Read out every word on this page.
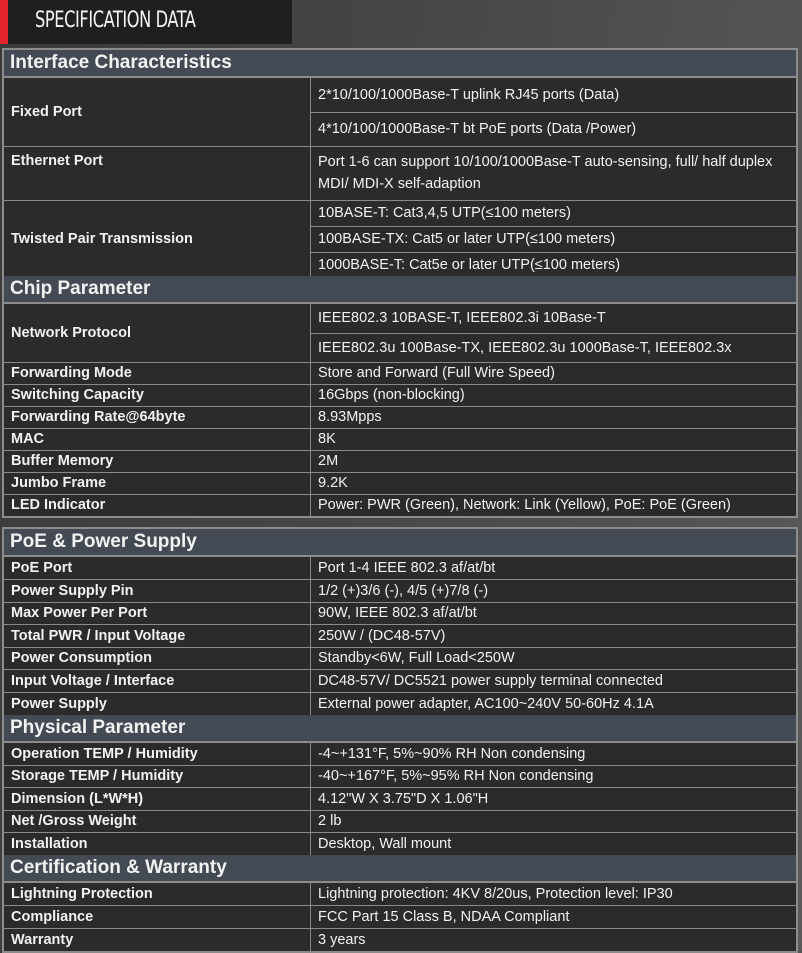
SPECIFICATION DATA
Interface Characteristics
Fixed Port	2*10/100/1000Base-T uplink RJ45 ports (Data)
	4*10/100/1000Base-T bt PoE ports (Data /Power)
Ethernet Port	Port 1-6 can support 10/100/1000Base-T auto-sensing, full/ half duplex MDI/ MDI-X self-adaption
Twisted Pair Transmission	10BASE-T: Cat3,4,5 UTP(≤100 meters)
	100BASE-TX: Cat5 or later UTP(≤100 meters)
	1000BASE-T: Cat5e or later UTP(≤100 meters)
Chip Parameter
Network Protocol	IEEE802.3 10BASE-T, IEEE802.3i 10Base-T
	IEEE802.3u 100Base-TX, IEEE802.3u 1000Base-T, IEEE802.3x
Forwarding Mode	Store and Forward (Full Wire Speed)
Switching Capacity	16Gbps (non-blocking)
Forwarding Rate@64byte	8.93Mpps
MAC	8K
Buffer Memory	2M
Jumbo Frame	9.2K
LED Indicator	Power: PWR (Green), Network: Link (Yellow), PoE: PoE (Green)
PoE & Power Supply
PoE Port	Port 1-4 IEEE 802.3 af/at/bt
Power Supply Pin	1/2 (+)3/6 (-), 4/5 (+)7/8 (-)
Max Power Per Port	90W, IEEE 802.3 af/at/bt
Total PWR / Input Voltage	250W / (DC48-57V)
Power Consumption	Standby<6W, Full Load<250W
Input Voltage / Interface	DC48-57V/ DC5521 power supply terminal connected
Power Supply	External power adapter, AC100~240V 50-60Hz 4.1A
Physical Parameter
Operation TEMP / Humidity	-4~+131°F, 5%~90% RH Non condensing
Storage TEMP / Humidity	-40~+167°F, 5%~95% RH Non condensing
Dimension (L*W*H)	4.12"W X 3.75"D X 1.06"H
Net /Gross Weight	2 lb
Installation	Desktop, Wall mount
Certification & Warranty
Lightning Protection	Lightning protection: 4KV 8/20us, Protection level: IP30
Compliance	FCC Part 15 Class B, NDAA Compliant
Warranty	3 years
